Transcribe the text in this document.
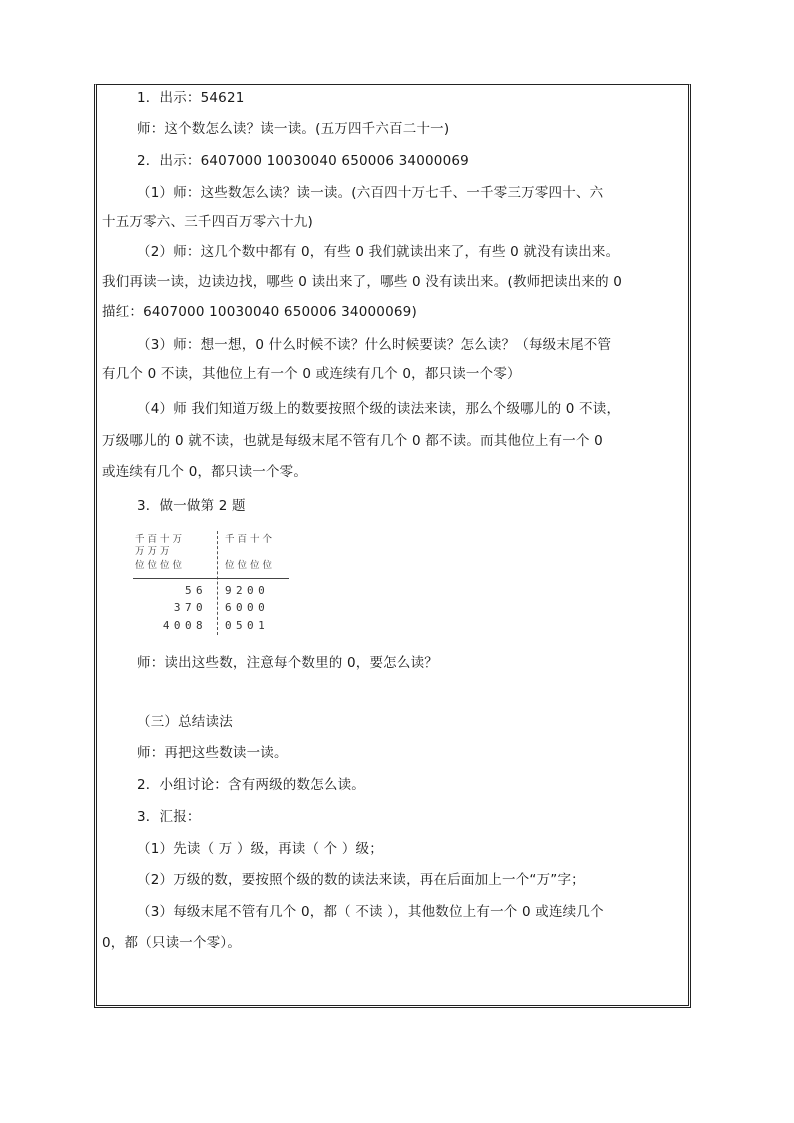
1．出示：54621
师：这个数怎么读？读一读。(五万四千六百二十一)
2．出示：6407000 10030040 650006 34000069
（1）师：这些数怎么读？读一读。(六百四十万七千、一千零三万零四十、六
十五万零六、三千四百万零六十九)
（2）师：这几个数中都有 0，有些 0 我们就读出来了，有些 0 就没有读出来。
我们再读一读，边读边找，哪些 0 读出来了，哪些 0 没有读出来。(教师把读出来的 0
描红：6407000 10030040 650006 34000069)
（3）师：想一想，0 什么时候不读？什么时候要读？怎么读？（每级末尾不管
有几个 0 不读，其他位上有一个 0 或连续有几个 0，都只读一个零）
（4）师 我们知道万级上的数要按照个级的读法来读，那么个级哪儿的 0 不读，
万级哪儿的 0 就不读，也就是每级末尾不管有几个 0 都不读。而其他位上有一个 0
或连续有几个 0，都只读一个零。
3．做一做第 2 题
千百十万
万万万
位位位位
千百十个
位位位位
56 9200
370 6000
4008 0501
师：读出这些数，注意每个数里的 0，要怎么读？
（三）总结读法
师：再把这些数读一读。
2．小组讨论：含有两级的数怎么读。
3．汇报：
（1）先读（ 万 ）级，再读（ 个 ）级；
（2）万级的数，要按照个级的数的读法来读，再在后面加上一个“万”字；
（3）每级末尾不管有几个 0，都（ 不读 ），其他数位上有一个 0 或连续几个
0，都（只读一个零）。
